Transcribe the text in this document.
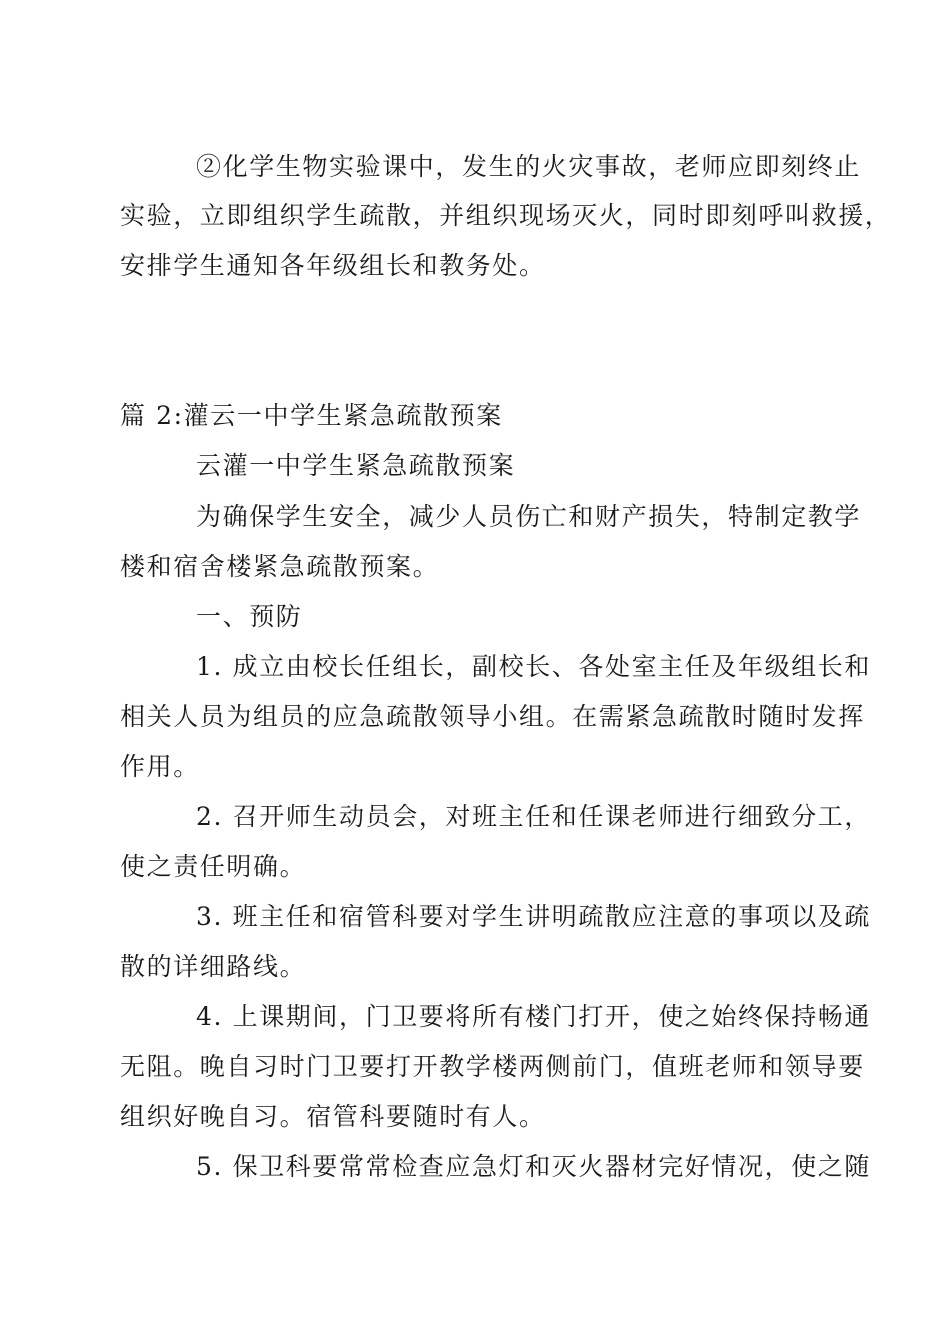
②化学生物实验课中，发生的火灾事故，老师应即刻终止
实验，立即组织学生疏散，并组织现场灭火，同时即刻呼叫救援，
安排学生通知各年级组长和教务处。
篇 2:灌云一中学生紧急疏散预案
云灌一中学生紧急疏散预案
为确保学生安全，减少人员伤亡和财产损失，特制定教学
楼和宿舍楼紧急疏散预案。
一、预防
1. 成立由校长任组长，副校长、各处室主任及年级组长和
相关人员为组员的应急疏散领导小组。在需紧急疏散时随时发挥
作用。
2. 召开师生动员会，对班主任和任课老师进行细致分工，
使之责任明确。
3. 班主任和宿管科要对学生讲明疏散应注意的事项以及疏
散的详细路线。
4. 上课期间，门卫要将所有楼门打开，使之始终保持畅通
无阻。晚自习时门卫要打开教学楼两侧前门，值班老师和领导要
组织好晚自习。宿管科要随时有人。
5. 保卫科要常常检查应急灯和灭火器材完好情况，使之随
